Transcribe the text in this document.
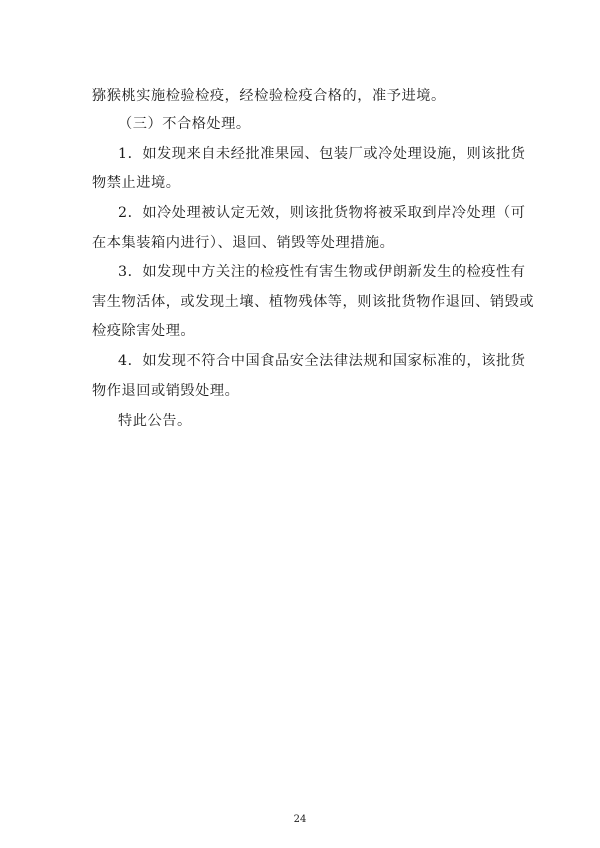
猕猴桃实施检验检疫，经检验检疫合格的，准予进境。
（三）不合格处理。
1．如发现来自未经批准果园、包装厂或冷处理设施，则该批货
物禁止进境。
2．如冷处理被认定无效，则该批货物将被采取到岸冷处理（可
在本集装箱内进行）、退回、销毁等处理措施。
3．如发现中方关注的检疫性有害生物或伊朗新发生的检疫性有
害生物活体，或发现土壤、植物残体等，则该批货物作退回、销毁或
检疫除害处理。
4．如发现不符合中国食品安全法律法规和国家标准的，该批货
物作退回或销毁处理。
特此公告。
24
